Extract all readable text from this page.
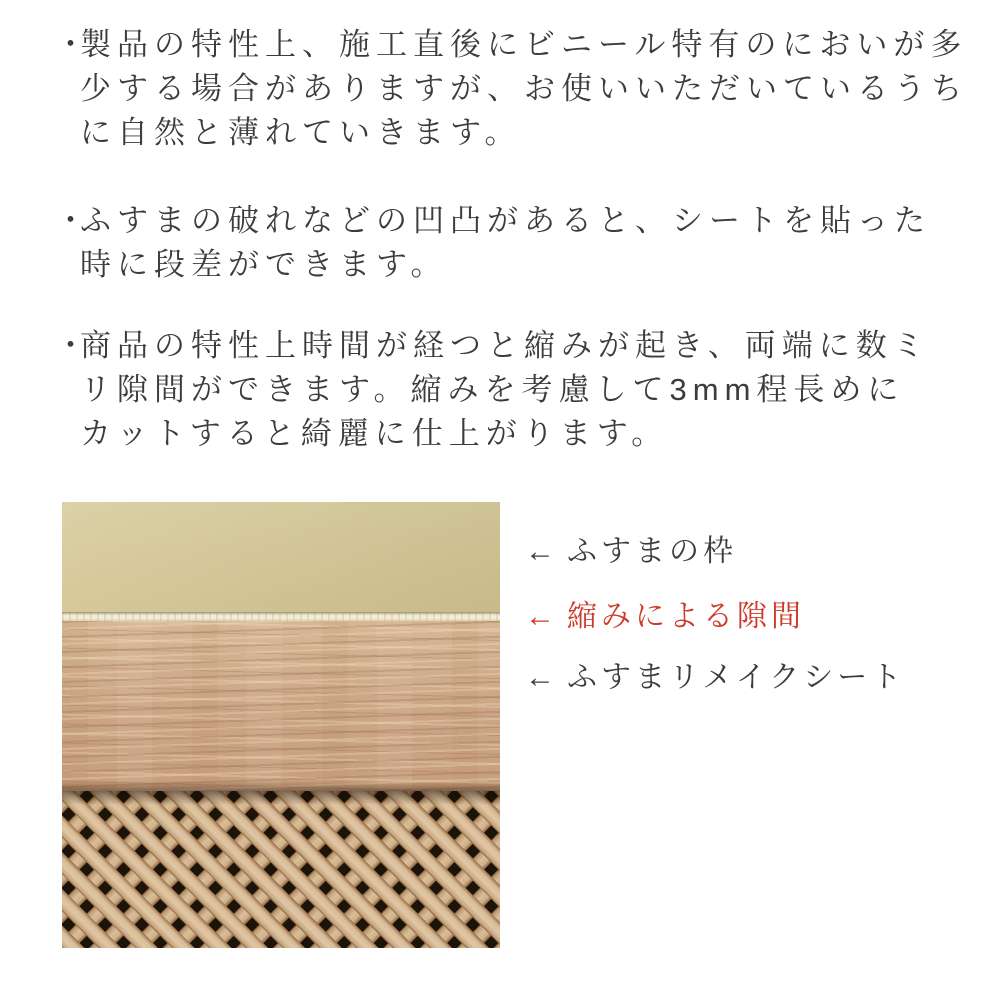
・
製品の特性上、施工直後にビニール特有のにおいが多
少する場合がありますが、お使いいただいているうち
に自然と薄れていきます。
・
ふすまの破れなどの凹凸があると、シートを貼った
時に段差ができます。
・
商品の特性上時間が経つと縮みが起き、両端に数ミ
リ隙間ができます。縮みを考慮して3mm程長めに
カットすると綺麗に仕上がります。
← ふすまの枠
← 縮みによる隙間
← ふすまリメイクシート
